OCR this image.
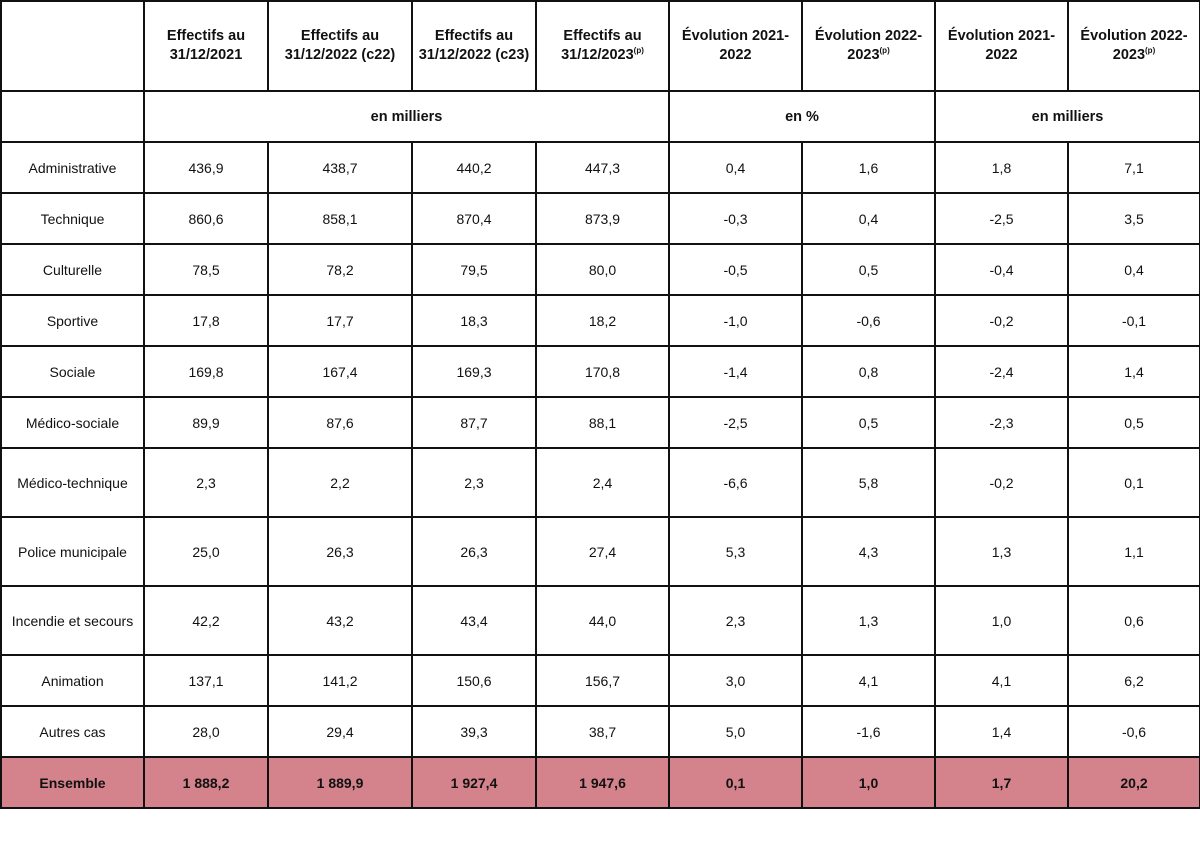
	Effectifs au 31/12/2021	Effectifs au 31/12/2022 (c22)	Effectifs au 31/12/2022 (c23)	Effectifs au 31/12/2023$^{(p)}$	Évolution 2021-2022	Évolution 2022-2023$^{(p)}$	Évolution 2021-2022	Évolution 2022-2023$^{(p)}$
	en milliers				en %		en milliers	
Administrative	436,9	438,7	440,2	447,3	0,4	1,6	1,8	7,1
Technique	860,6	858,1	870,4	873,9	-0,3	0,4	-2,5	3,5
Culturelle	78,5	78,2	79,5	80,0	-0,5	0,5	-0,4	0,4
Sportive	17,8	17,7	18,3	18,2	-1,0	-0,6	-0,2	-0,1
Sociale	169,8	167,4	169,3	170,8	-1,4	0,8	-2,4	1,4
Médico-sociale	89,9	87,6	87,7	88,1	-2,5	0,5	-2,3	0,5
Médico-technique	2,3	2,2	2,3	2,4	-6,6	5,8	-0,2	0,1
Police municipale	25,0	26,3	26,3	27,4	5,3	4,3	1,3	1,1
Incendie et secours	42,2	43,2	43,4	44,0	2,3	1,3	1,0	0,6
Animation	137,1	141,2	150,6	156,7	3,0	4,1	4,1	6,2
Autres cas	28,0	29,4	39,3	38,7	5,0	-1,6	1,4	-0,6
Ensemble	1 888,2	1 889,9	1 927,4	1 947,6	0,1	1,0	1,7	20,2
